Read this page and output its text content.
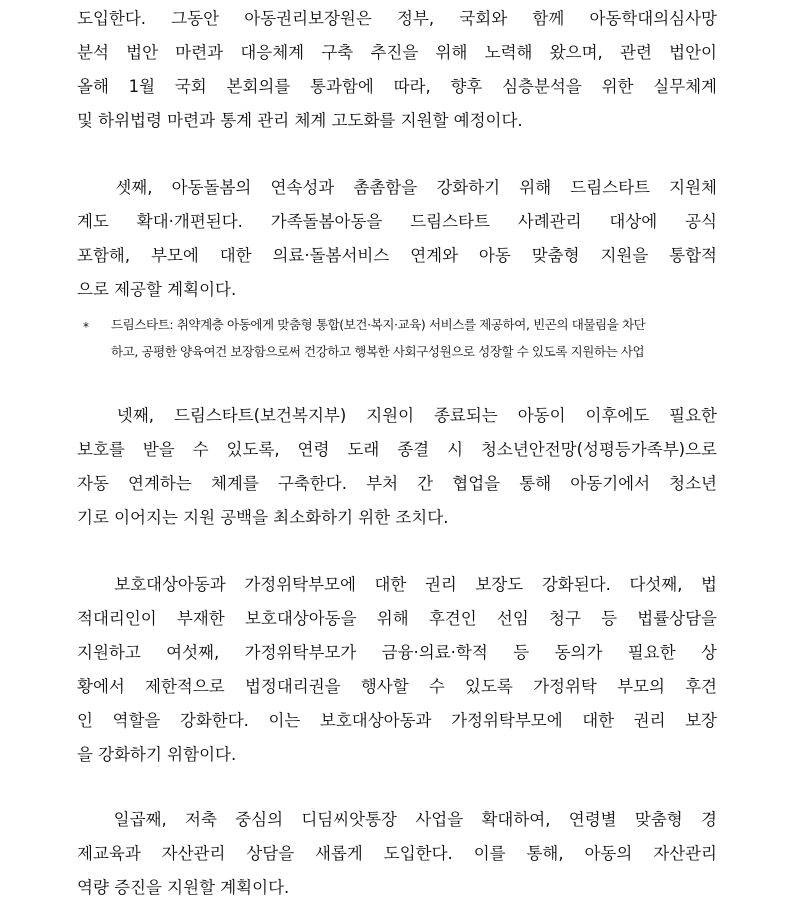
도입한다. 그동안 아동권리보장원은 정부, 국회와 함께 아동학대의심사망
분석 법안 마련과 대응체계 구축 추진을 위해 노력해 왔으며, 관련 법안이
올해 1월 국회 본회의를 통과함에 따라, 향후 심층분석을 위한 실무체계
및 하위법령 마련과 통계 관리 체계 고도화를 지원할 예정이다.
셋째, 아동돌봄의 연속성과 촘촘함을 강화하기 위해 드림스타트 지원체
계도 확대·개편된다. 가족돌봄아동을 드림스타트 사례관리 대상에 공식
포함해, 부모에 대한 의료·돌봄서비스 연계와 아동 맞춤형 지원을 통합적
으로 제공할 계획이다.
* 드림스타트: 취약계층 아동에게 맞춤형 통합(보건·복지·교육) 서비스를 제공하여, 빈곤의 대물림을 차단
하고, 공평한 양육여건 보장함으로써 건강하고 행복한 사회구성원으로 성장할 수 있도록 지원하는 사업
넷째, 드림스타트(보건복지부) 지원이 종료되는 아동이 이후에도 필요한
보호를 받을 수 있도록, 연령 도래 종결 시 청소년안전망(성평등가족부)으로
자동 연계하는 체계를 구축한다. 부처 간 협업을 통해 아동기에서 청소년
기로 이어지는 지원 공백을 최소화하기 위한 조치다.
보호대상아동과 가정위탁부모에 대한 권리 보장도 강화된다. 다섯째, 법
적대리인이 부재한 보호대상아동을 위해 후견인 선임 청구 등 법률상담을
지원하고 여섯째, 가정위탁부모가 금융·의료·학적 등 동의가 필요한 상
황에서 제한적으로 법정대리권을 행사할 수 있도록 가정위탁 부모의 후견
인 역할을 강화한다. 이는 보호대상아동과 가정위탁부모에 대한 권리 보장
을 강화하기 위함이다.
일곱째, 저축 중심의 디딤씨앗통장 사업을 확대하여, 연령별 맞춤형 경
제교육과 자산관리 상담을 새롭게 도입한다. 이를 통해, 아동의 자산관리
역량 증진을 지원할 계획이다.
